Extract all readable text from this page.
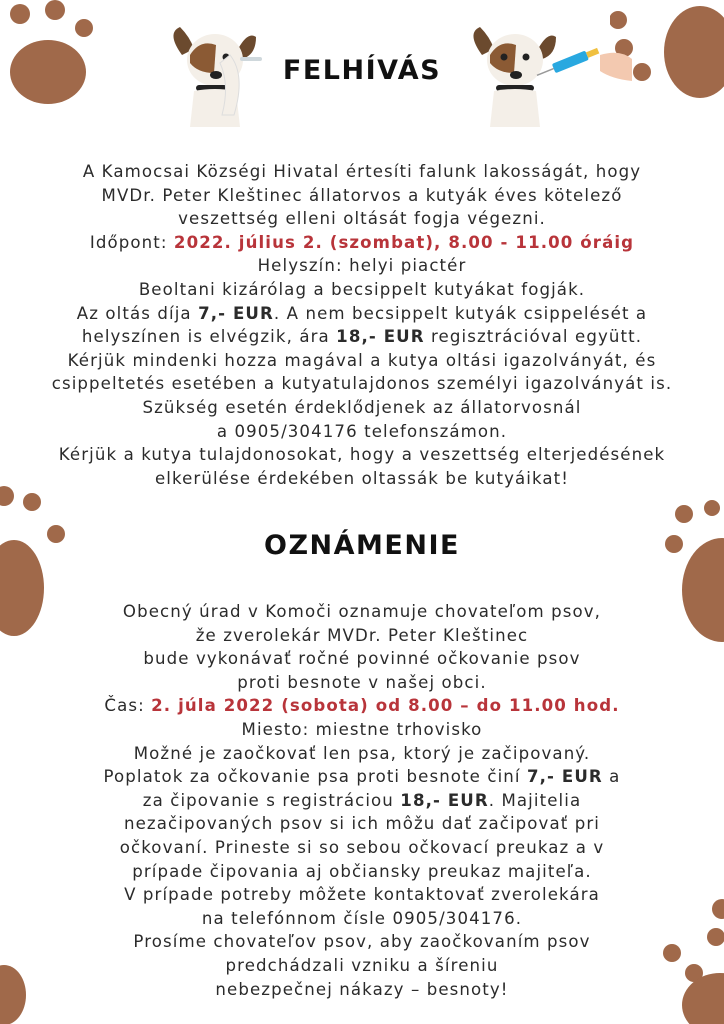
FELHÍVÁS
A Kamocsai Községi Hivatal értesíti falunk lakosságát, hogy
MVDr. Peter Kleštinec állatorvos a kutyák éves kötelező
veszettség elleni oltását fogja végezni.
Időpont: 2022. július 2. (szombat), 8.00 - 11.00 óráig
Helyszín: helyi piactér
Beoltani kizárólag a becsippelt kutyákat fogják.
Az oltás díja 7,- EUR. A nem becsippelt kutyák csippelését a
helyszínen is elvégzik, ára 18,- EUR regisztrációval együtt.
Kérjük mindenki hozza magával a kutya oltási igazolványát, és
csippeltetés esetében a kutyatulajdonos személyi igazolványát is.
Szükség esetén érdeklődjenek az állatorvosnál
a 0905/304176 telefonszámon.
Kérjük a kutya tulajdonosokat, hogy a veszettség elterjedésének
elkerülése érdekében oltassák be kutyáikat!
OZNÁMENIE
Obecný úrad v Komoči oznamuje chovateľom psov,
že zverolekár MVDr. Peter Kleštinec
bude vykonávať ročné povinné očkovanie psov
proti besnote v našej obci.
Čas: 2. júla 2022 (sobota) od 8.00 – do 11.00 hod.
Miesto: miestne trhovisko
Možné je zaočkovať len psa, ktorý je začipovaný.
Poplatok za očkovanie psa proti besnote činí 7,- EUR a
za čipovanie s registráciou 18,- EUR. Majitelia
nezačipovaných psov si ich môžu dať začipovať pri
očkovaní. Prineste si so sebou očkovací preukaz a v
prípade čipovania aj občiansky preukaz majiteľa.
V prípade potreby môžete kontaktovať zverolekára
na telefónnom čísle 0905/304176.
Prosíme chovateľov psov, aby zaočkovaním psov
predchádzali vzniku a šíreniu
nebezpečnej nákazy – besnoty!
